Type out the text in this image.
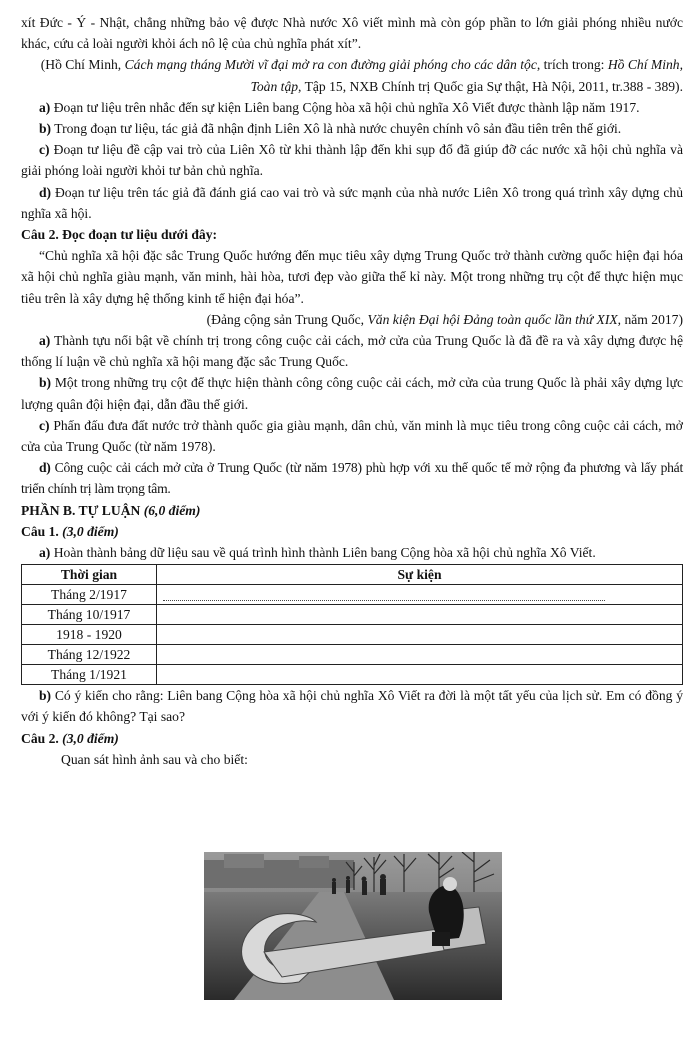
xít Đức - Ý - Nhật, chẳng những bảo vệ được Nhà nước Xô viết mình mà còn góp phần to lớn giải phóng nhiều nước khác, cứu cả loài người khỏi ách nô lệ của chủ nghĩa phát xít”.

(Hồ Chí Minh, Cách mạng tháng Mười vĩ đại mở ra con đường giải phóng cho các dân tộc, trích trong: Hồ Chí Minh, Toàn tập, Tập 15, NXB Chính trị Quốc gia Sự thật, Hà Nội, 2011, tr.388 - 389).

a) Đoạn tư liệu trên nhắc đến sự kiện Liên bang Cộng hòa xã hội chủ nghĩa Xô Viết được thành lập năm 1917.

b) Trong đoạn tư liệu, tác giả đã nhận định Liên Xô là nhà nước chuyên chính vô sản đầu tiên trên thế giới.

c) Đoạn tư liệu đề cập vai trò của Liên Xô từ khi thành lập đến khi sụp đổ đã giúp đỡ các nước xã hội chủ nghĩa và giải phóng loài người khỏi tư bản chủ nghĩa.

d) Đoạn tư liệu trên tác giả đã đánh giá cao vai trò và sức mạnh của nhà nước Liên Xô trong quá trình xây dựng chủ nghĩa xã hội.

Câu 2. Đọc đoạn tư liệu dưới đây:

“Chủ nghĩa xã hội đặc sắc Trung Quốc hướng đến mục tiêu xây dựng Trung Quốc trở thành cường quốc hiện đại hóa xã hội chủ nghĩa giàu mạnh, văn minh, hài hòa, tươi đẹp vào giữa thế kỉ này. Một trong những trụ cột để thực hiện mục tiêu trên là xây dựng hệ thống kinh tế hiện đại hóa”.

(Đảng cộng sản Trung Quốc, Văn kiện Đại hội Đảng toàn quốc lần thứ XIX, năm 2017)

a) Thành tựu nổi bật về chính trị trong công cuộc cải cách, mở cửa của Trung Quốc là đã đề ra và xây dựng được hệ thống lí luận về chủ nghĩa xã hội mang đặc sắc Trung Quốc.

b) Một trong những trụ cột để thực hiện thành công công cuộc cải cách, mở cửa của trung Quốc là phải xây dựng lực lượng quân đội hiện đại, dẫn đầu thế giới.

c) Phấn đấu đưa đất nước trở thành quốc gia giàu mạnh, dân chủ, văn minh là mục tiêu trong công cuộc cải cách, mở cửa của Trung Quốc (từ năm 1978).

d) Công cuộc cải cách mở cửa ở Trung Quốc (từ năm 1978) phù hợp với xu thế quốc tế mở rộng đa phương và lấy phát triển chính trị làm trọng tâm.

PHẦN B. TỰ LUẬN (6,0 điểm)

Câu 1. (3,0 điểm)

a) Hoàn thành bảng dữ liệu sau về quá trình hình thành Liên bang Cộng hòa xã hội chủ nghĩa Xô Viết.

Thời gian	Sự kiện
Tháng 2/1917	

Tháng 10/1917	
1918 - 1920	
Tháng 12/1922	
Tháng 1/1921	

b) Có ý kiến cho rằng: Liên bang Cộng hòa xã hội chủ nghĩa Xô Viết ra đời là một tất yếu của lịch sử. Em có đồng ý với ý kiến đó không? Tại sao?

Câu 2. (3,0 điểm)

Quan sát hình ảnh sau và cho biết:
